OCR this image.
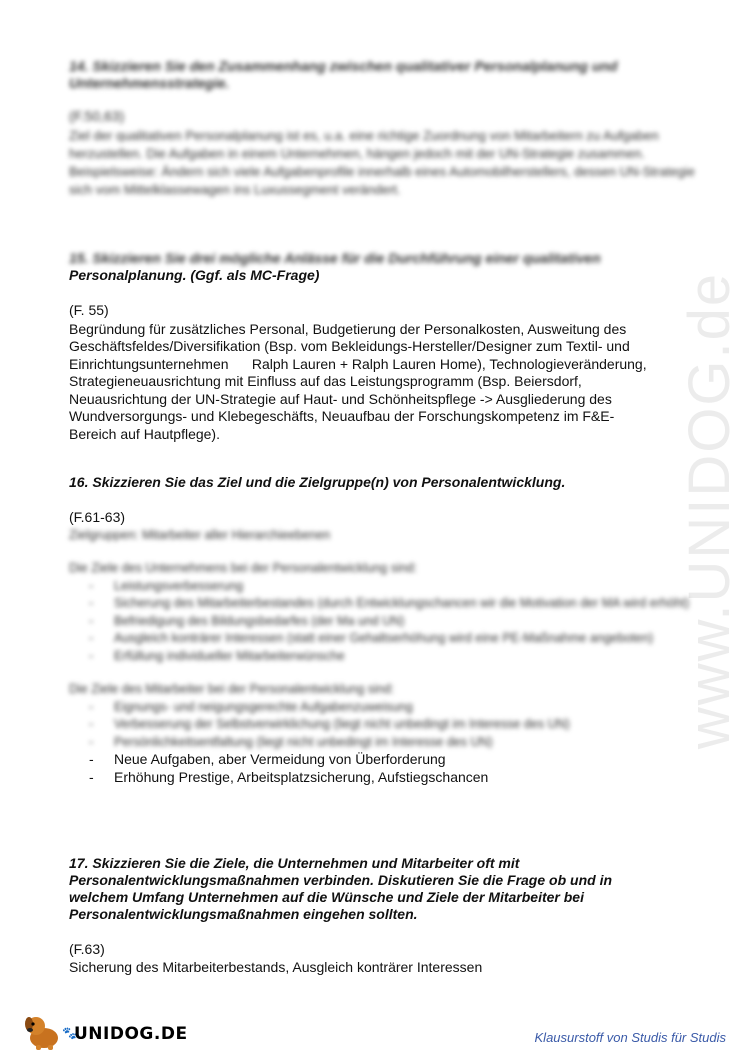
www.UNIDOG.de

14. Skizzieren Sie den Zusammenhang zwischen qualitativer Personalplanung und Unternehmensstrategie.

(F.50,63)

Ziel der qualitativen Personalplanung ist es, u.a. eine richtige Zuordnung von Mitarbeitern zu Aufgaben herzustellen. Die Aufgaben in einem Unternehmen, hängen jedoch mit der UN-Strategie zusammen. Beispielsweise: Ändern sich viele Aufgabenprofile innerhalb eines Automobilherstellers, dessen UN-Strategie sich vom Mittelklassewagen ins Luxussegment verändert.

15. Skizzieren Sie drei mögliche Anlässe für die Durchführung einer qualitativen

Personalplanung. (Ggf. als MC-Frage)

(F. 55)

Begründung für zusätzliches Personal, Budgetierung der Personalkosten, Ausweitung des

Geschäftsfeldes/Diversifikation (Bsp. vom Bekleidungs-Hersteller/Designer zum Textil- und

Einrichtungsunternehmen      Ralph Lauren + Ralph Lauren Home), Technologieveränderung,

Strategieneuausrichtung mit Einfluss auf das Leistungsprogramm (Bsp. Beiersdorf,

Neuausrichtung der UN-Strategie auf Haut- und Schönheitspflege -> Ausgliederung des

Wundversorgungs- und Klebegeschäfts, Neuaufbau der Forschungskompetenz im F&E-

Bereich auf Hautpflege).

16. Skizzieren Sie das Ziel und die Zielgruppe(n) von Personalentwicklung.

(F.61-63)

Zielgruppen: Mitarbeiter aller Hierarchieebenen

Die Ziele des Unternehmens bei der Personalentwicklung sind:

- Leistungsverbesserung
- Sicherung des Mitarbeiterbestandes (durch Entwicklungschancen wir die Motivation der MA wird erhöht)
- Befriedigung des Bildungsbedarfes (der Ma und UN)
- Ausgleich konträrer Interessen (statt einer Gehaltserhöhung wird eine PE-Maßnahme angeboten)
- Erfüllung individueller Mitarbeiterwünsche

Die Ziele des Mitarbeiter bei der Personalentwicklung sind:

- Eignungs- und neigungsgerechte Aufgabenzuweisung
- Verbesserung der Selbstverwirklichung (liegt nicht unbedingt im Interesse des UN)
- Persönlichkeitsentfaltung (liegt nicht unbedingt im Interesse des UN)
- Neue Aufgaben, aber Vermeidung von Überforderung
- Erhöhung Prestige, Arbeitsplatzsicherung, Aufstiegschancen

17. Skizzieren Sie die Ziele, die Unternehmen und Mitarbeiter oft mit

Personalentwicklungsmaßnahmen verbinden. Diskutieren Sie die Frage ob und in

welchem Umfang Unternehmen auf die Wünsche und Ziele der Mitarbeiter bei

Personalentwicklungsmaßnahmen eingehen sollten.

(F.63)

Sicherung des Mitarbeiterbestands, Ausgleich konträrer Interessen

🐾
UNIDOG.DE	Klausurstoff von Studis für Studis
